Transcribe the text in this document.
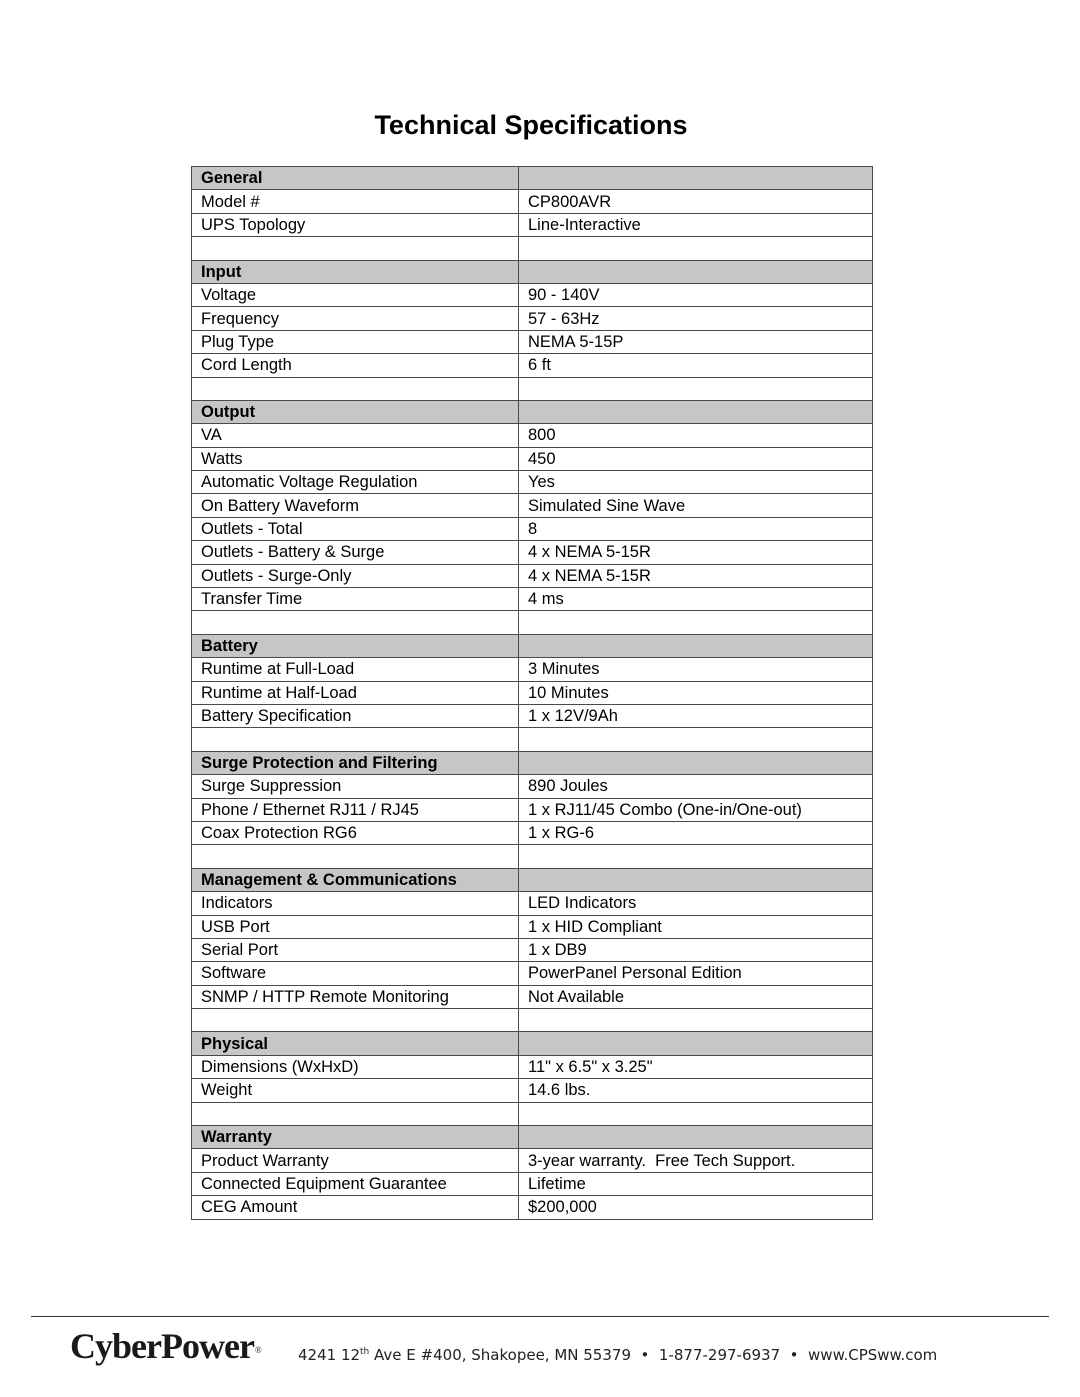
Technical Specifications
General	
Model #	CP800AVR
UPS Topology	Line-Interactive

Input	
Voltage	90 - 140V
Frequency	57 - 63Hz
Plug Type	NEMA 5-15P
Cord Length	6 ft

Output	
VA	800
Watts	450
Automatic Voltage Regulation	Yes
On Battery Waveform	Simulated Sine Wave
Outlets - Total	8
Outlets - Battery & Surge	4 x NEMA 5-15R
Outlets - Surge-Only	4 x NEMA 5-15R
Transfer Time	4 ms

Battery	
Runtime at Full-Load	3 Minutes
Runtime at Half-Load	10 Minutes
Battery Specification	1 x 12V/9Ah

Surge Protection and Filtering	
Surge Suppression	890 Joules
Phone / Ethernet RJ11 / RJ45	1 x RJ11/45 Combo (One-in/One-out)
Coax Protection RG6	1 x RG-6

Management & Communications	
Indicators	LED Indicators
USB Port	1 x HID Compliant
Serial Port	1 x DB9
Software	PowerPanel Personal Edition
SNMP / HTTP Remote Monitoring	Not Available

Physical	
Dimensions (WxHxD)	11" x 6.5" x 3.25"
Weight	14.6 lbs.

Warranty	
Product Warranty	3-year warranty.  Free Tech Support.
Connected Equipment Guarantee	Lifetime
CEG Amount	$200,000
CyberPower® 4241 12th Ave E #400, Shakopee, MN 55379  •  1-877-297-6937  •  www.CPSww.com
